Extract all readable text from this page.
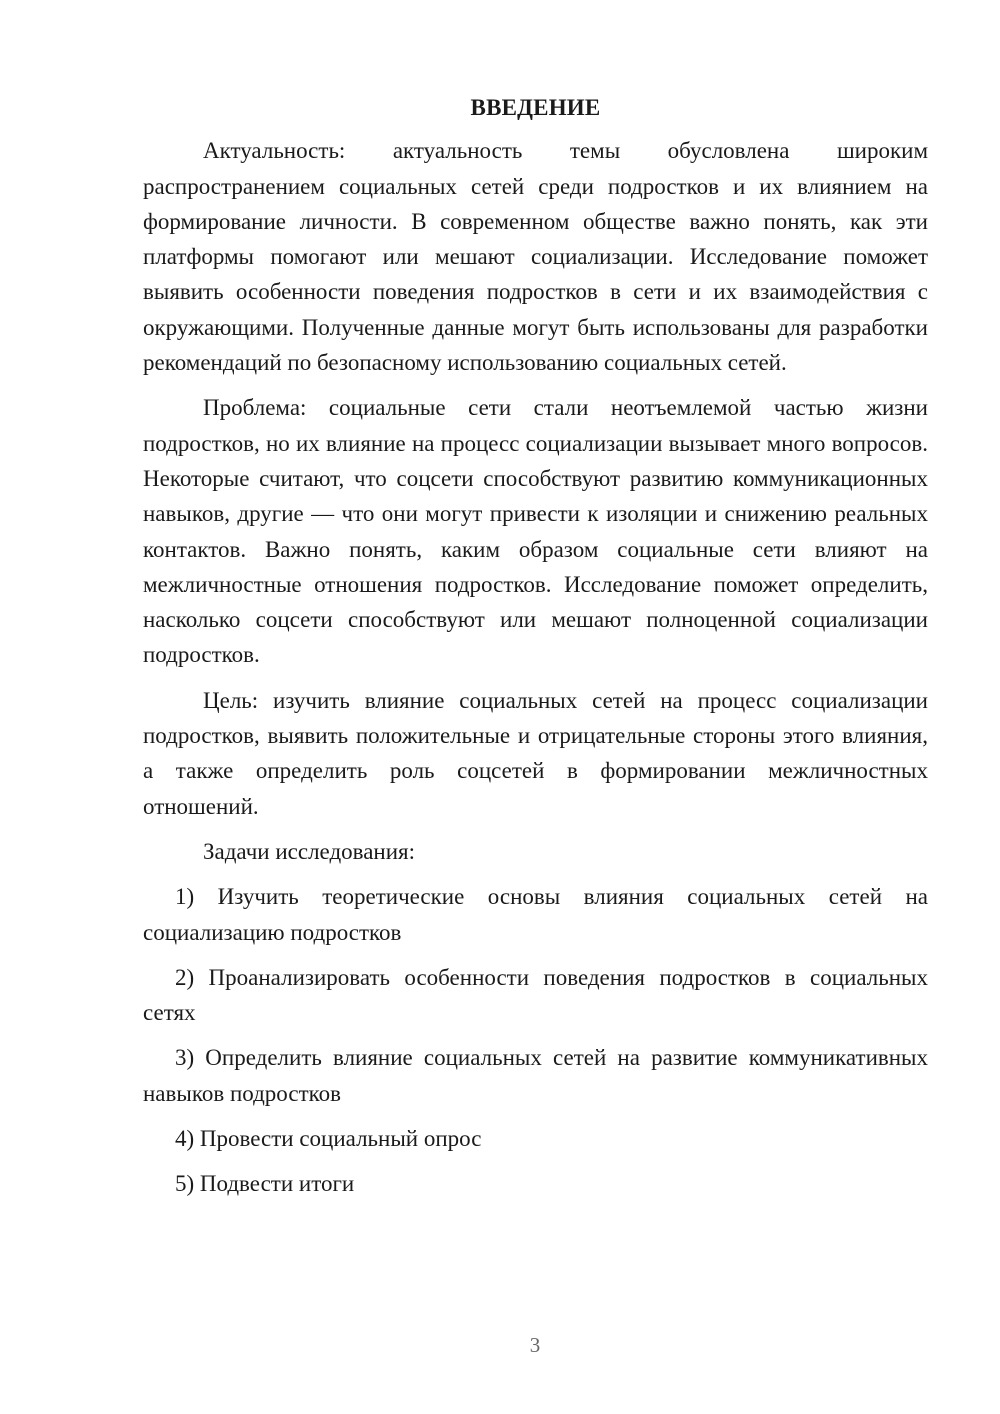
ВВЕДЕНИЕ

Актуальность: актуальность темы обусловлена широким распространением социальных сетей среди подростков и их влиянием на формирование личности. В современном обществе важно понять, как эти платформы помогают или мешают социализации. Исследование поможет выявить особенности поведения подростков в сети и их взаимодействия с окружающими. Полученные данные могут быть использованы для разработки рекомендаций по безопасному использованию социальных сетей.

Проблема: социальные сети стали неотъемлемой частью жизни подростков, но их влияние на процесс социализации вызывает много вопросов. Некоторые считают, что соцсети способствуют развитию коммуникационных навыков, другие — что они могут привести к изоляции и снижению реальных контактов. Важно понять, каким образом социальные сети влияют на межличностные отношения подростков. Исследование поможет определить, насколько соцсети способствуют или мешают полноценной социализации подростков.

Цель: изучить влияние социальных сетей на процесс социализации подростков, выявить положительные и отрицательные стороны этого влияния, а также определить роль соцсетей в формировании межличностных отношений.

Задачи исследования:

1) Изучить теоретические основы влияния социальных сетей на социализацию подростков

2) Проанализировать особенности поведения подростков в социальных сетях

3) Определить влияние социальных сетей на развитие коммуникативных навыков подростков

4) Провести социальный опрос

5) Подвести итоги

3
